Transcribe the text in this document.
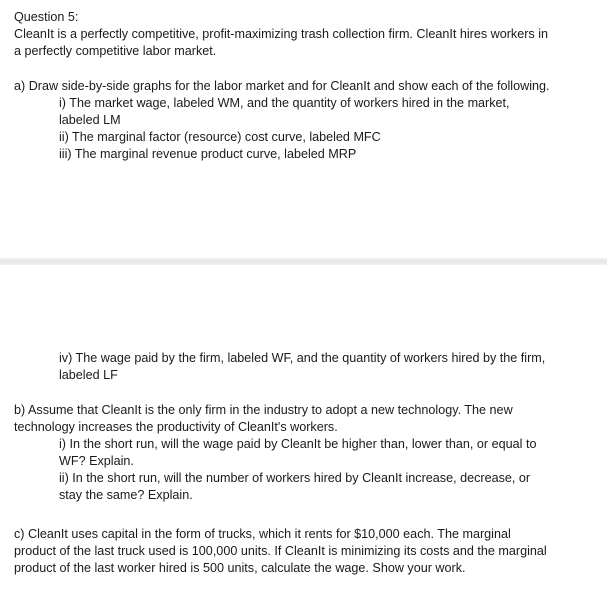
Question 5:

CleanIt is a perfectly competitive, profit-maximizing trash collection firm. CleanIt hires workers in

a perfectly competitive labor market.

a) Draw side-by-side graphs for the labor market and for CleanIt and show each of the following.

i) The market wage, labeled WM, and the quantity of workers hired in the market,

labeled LM

ii) The marginal factor (resource) cost curve, labeled MFC

iii) The marginal revenue product curve, labeled MRP

iv) The wage paid by the firm, labeled WF, and the quantity of workers hired by the firm,

labeled LF

b) Assume that CleanIt is the only firm in the industry to adopt a new technology. The new

technology increases the productivity of CleanIt's workers.

i) In the short run, will the wage paid by CleanIt be higher than, lower than, or equal to

WF? Explain.

ii) In the short run, will the number of workers hired by CleanIt increase, decrease, or

stay the same? Explain.

c) CleanIt uses capital in the form of trucks, which it rents for $10,000 each. The marginal

product of the last truck used is 100,000 units. If CleanIt is minimizing its costs and the marginal

product of the last worker hired is 500 units, calculate the wage. Show your work.
